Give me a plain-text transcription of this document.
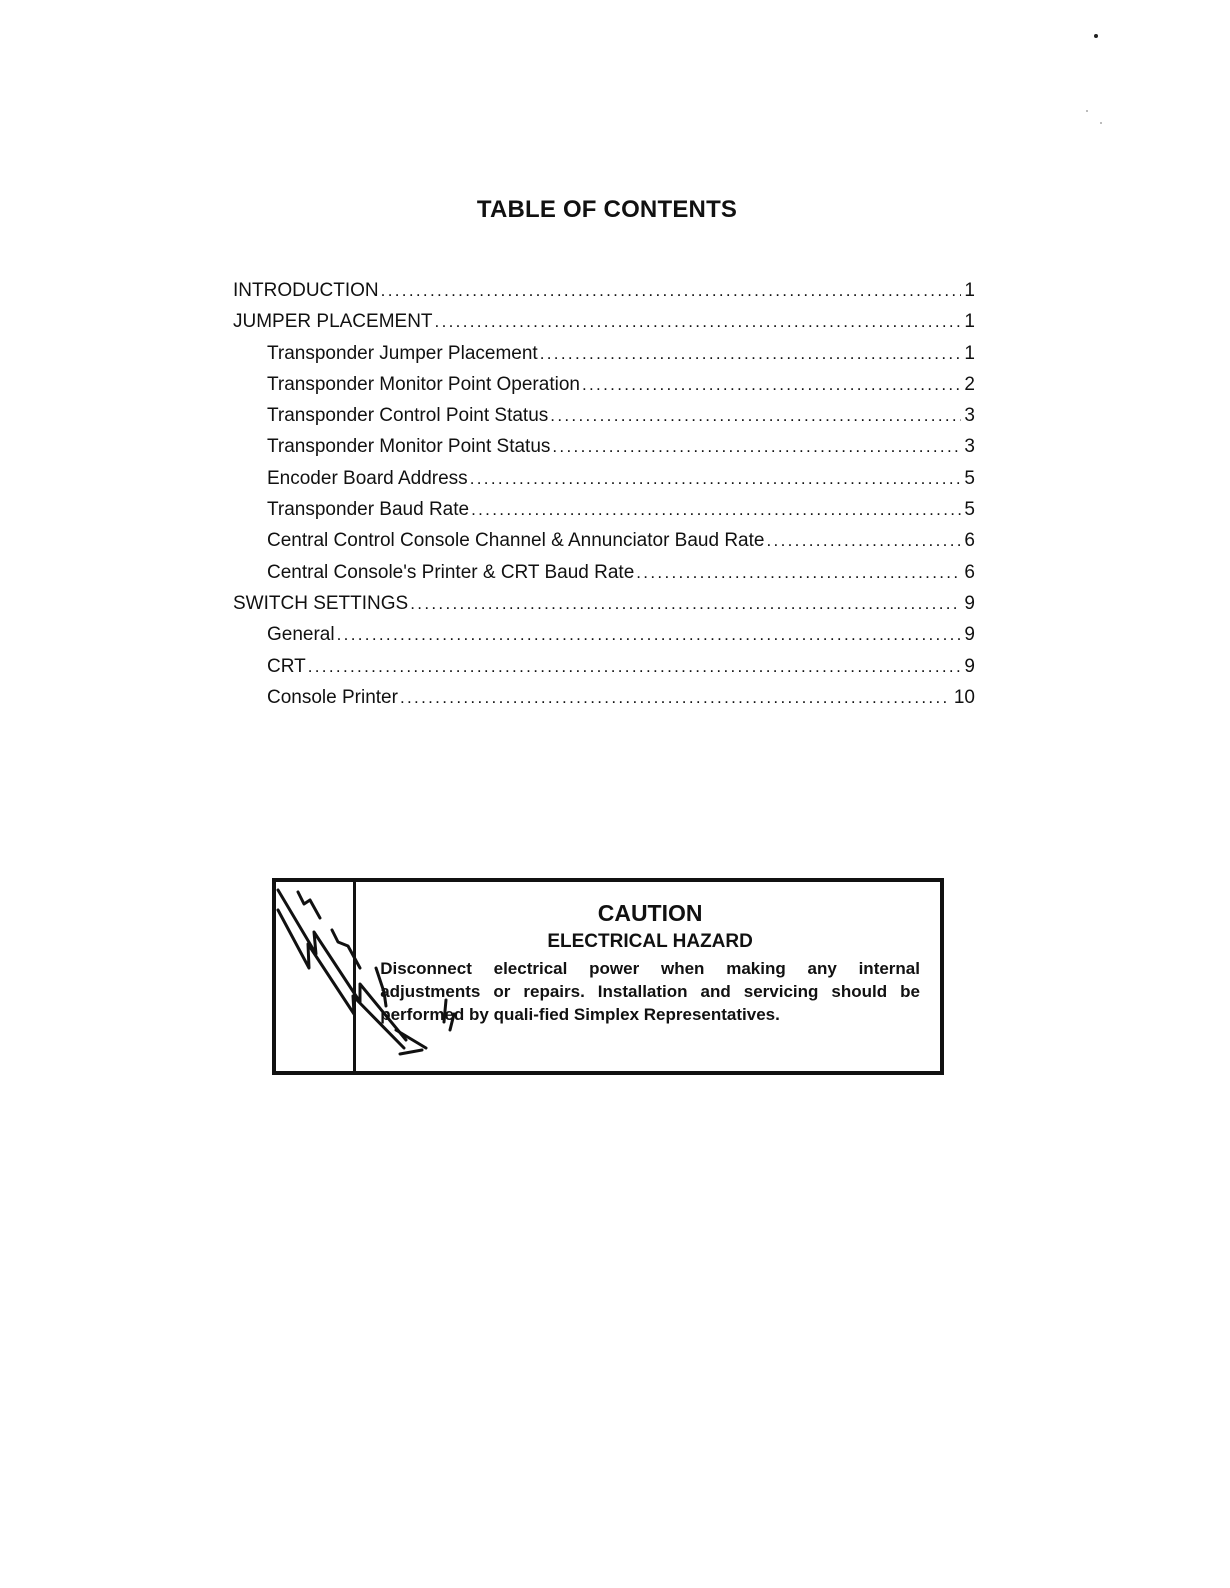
TABLE OF CONTENTS
INTRODUCTION . . .	1
JUMPER PLACEMENT . . .	1
Transponder Jumper Placement . . .	1
Transponder Monitor Point Operation . . .	2
Transponder Control Point Status . . .	3
Transponder Monitor Point Status . . .	3
Encoder Board Address . . .	5
Transponder Baud Rate . . .	5
Central Control Console Channel & Annunciator Baud Rate . . .	6
Central Console's Printer & CRT Baud Rate . . .	6
SWITCH SETTINGS . . .	9
General . . .	9
CRT . . .	9
Console Printer . . .	10

CAUTION

ELECTRICAL HAZARD

Disconnect electrical power when making any internal adjustments or repairs. Installation and servicing should be performed by quali-fied Simplex Representatives.
